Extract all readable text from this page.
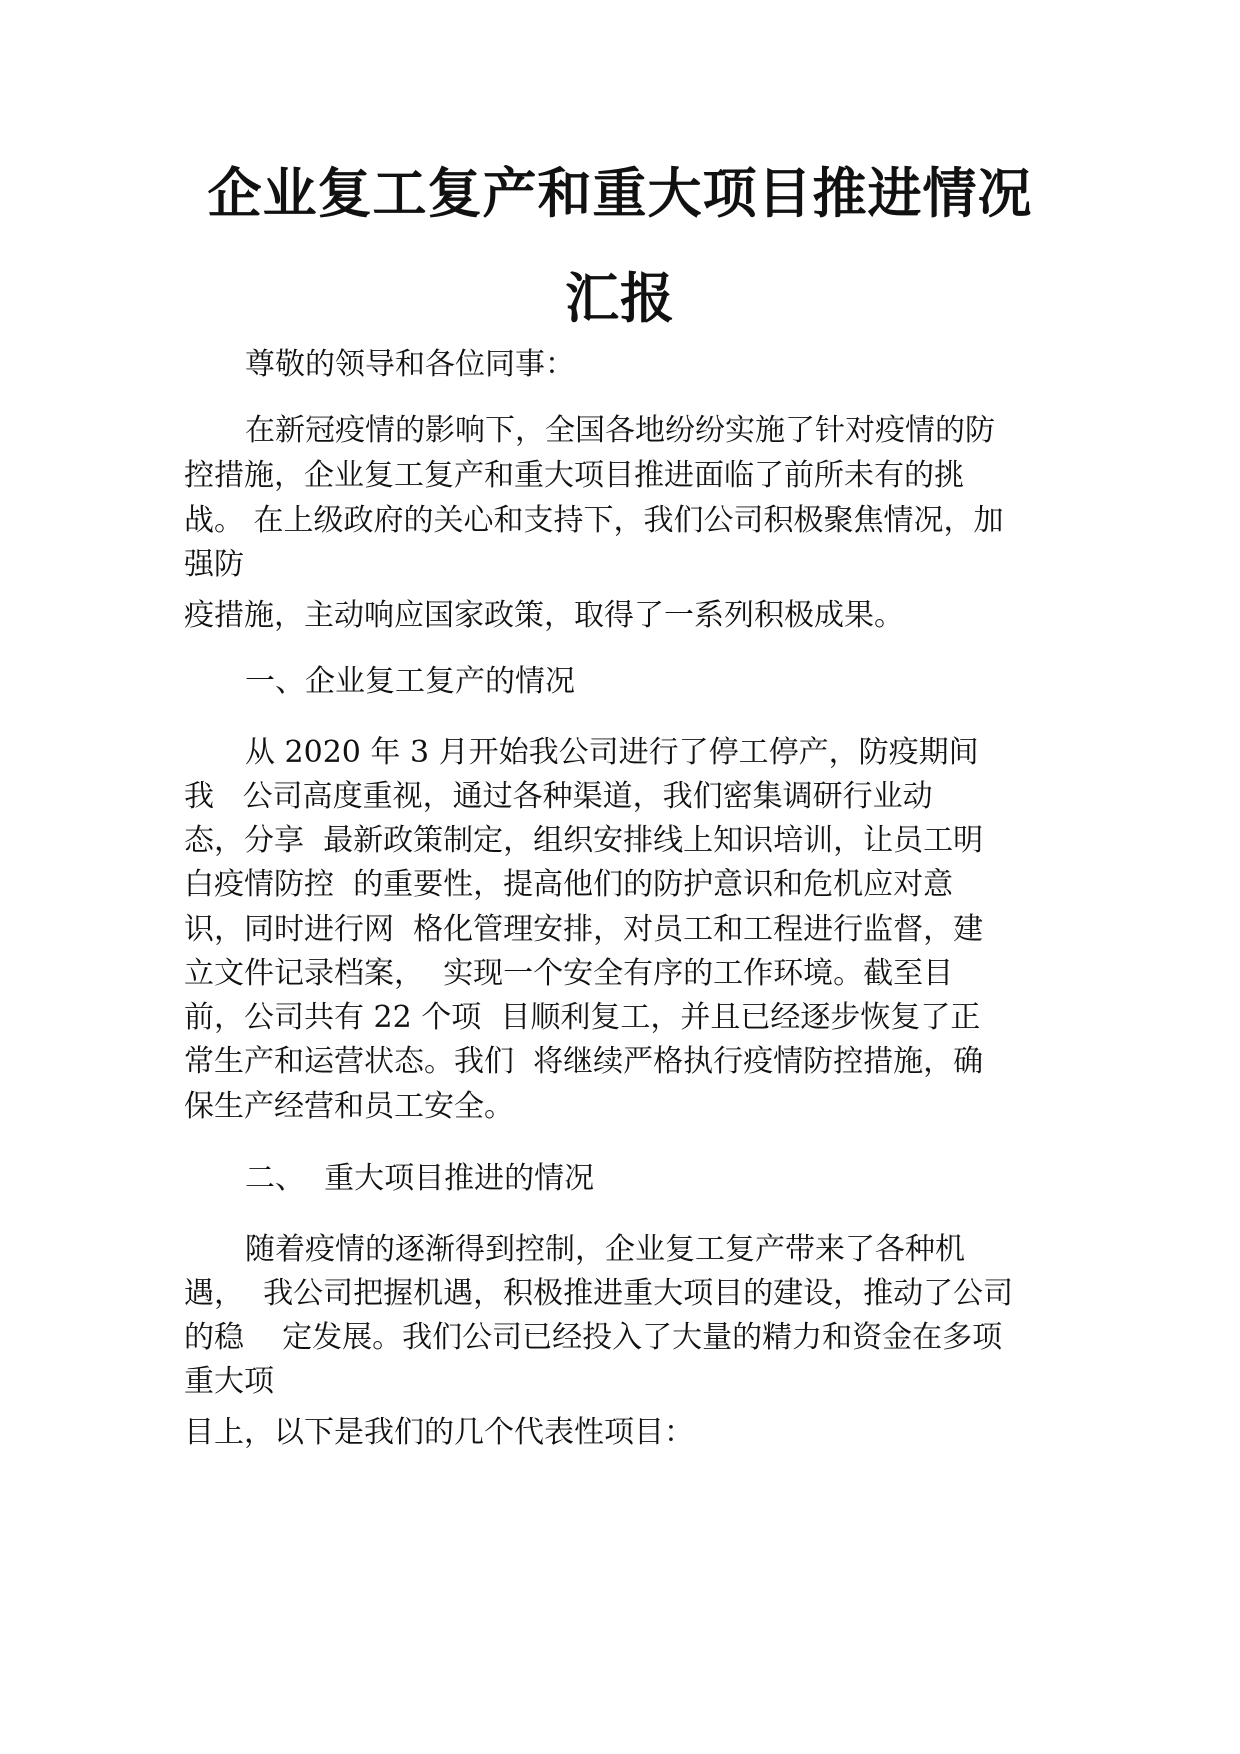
企业复工复产和重大项目推进情况
汇报
尊敬的领导和各位同事：
在新冠疫情的影响下，全国各地纷纷实施了针对疫情的防
控措施，企业复工复产和重大项目推进面临了前所未有的挑
战。 在上级政府的关心和支持下，我们公司积极聚焦情况，加
强防
疫措施，主动响应国家政策，取得了一系列积极成果。
一、企业复工复产的情况
从 2020 年 3 月开始我公司进行了停工停产，防疫期间
我   公司高度重视，通过各种渠道，我们密集调研行业动
态，分享  最新政策制定，组织安排线上知识培训，让员工明
白疫情防控  的重要性，提高他们的防护意识和危机应对意
识，同时进行网  格化管理安排，对员工和工程进行监督，建
立文件记录档案，  实现一个安全有序的工作环境。截至目
前，公司共有 22 个项  目顺利复工，并且已经逐步恢复了正
常生产和运营状态。我们  将继续严格执行疫情防控措施，确
保生产经营和员工安全。
二、  重大项目推进的情况
随着疫情的逐渐得到控制，企业复工复产带来了各种机
遇，  我公司把握机遇，积极推进重大项目的建设，推动了公司
的稳    定发展。我们公司已经投入了大量的精力和资金在多项
重大项
目上，以下是我们的几个代表性项目：
